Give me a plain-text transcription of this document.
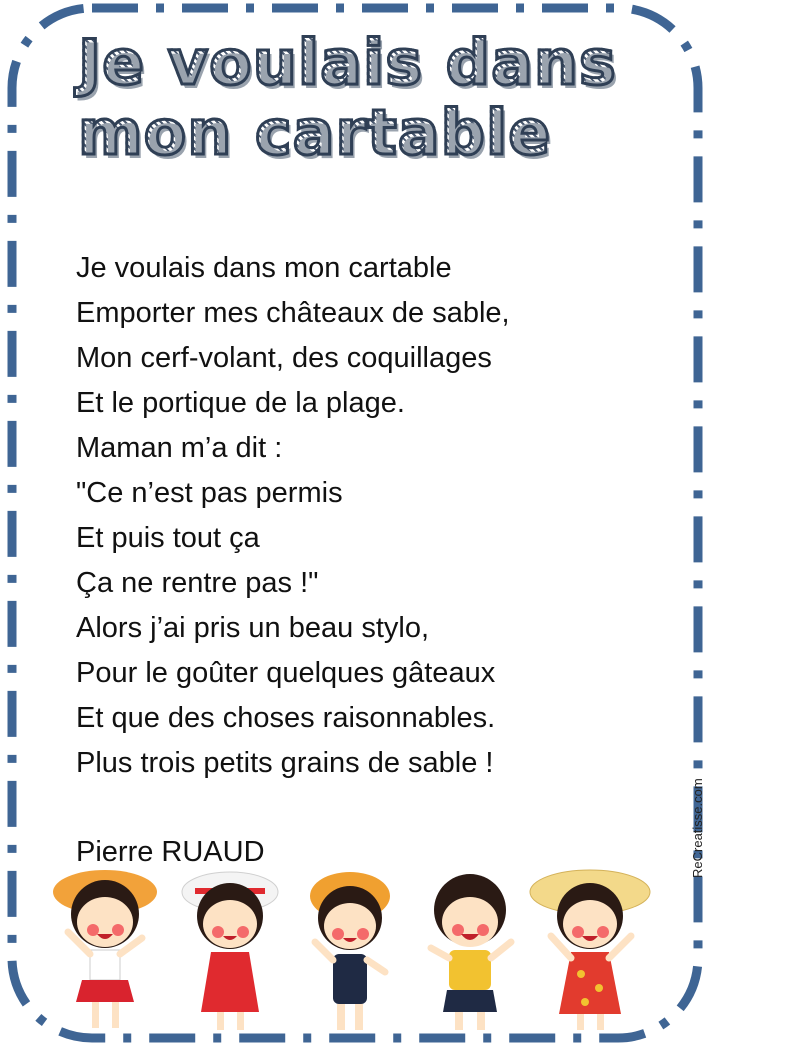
Je voulais dans
mon cartable
Je voulais dans mon cartable
Emporter mes châteaux de sable,
Mon cerf-volant, des coquillages
Et le portique de la plage.
Maman m’a dit :
"Ce n’est pas permis
Et puis tout ça
Ça ne rentre pas !"
Alors j’ai pris un beau stylo,
Pour le goûter quelques gâteaux
Et que des choses raisonnables.
Plus trois petits grains de sable !
Pierre RUAUD	ReCreatisse.com
